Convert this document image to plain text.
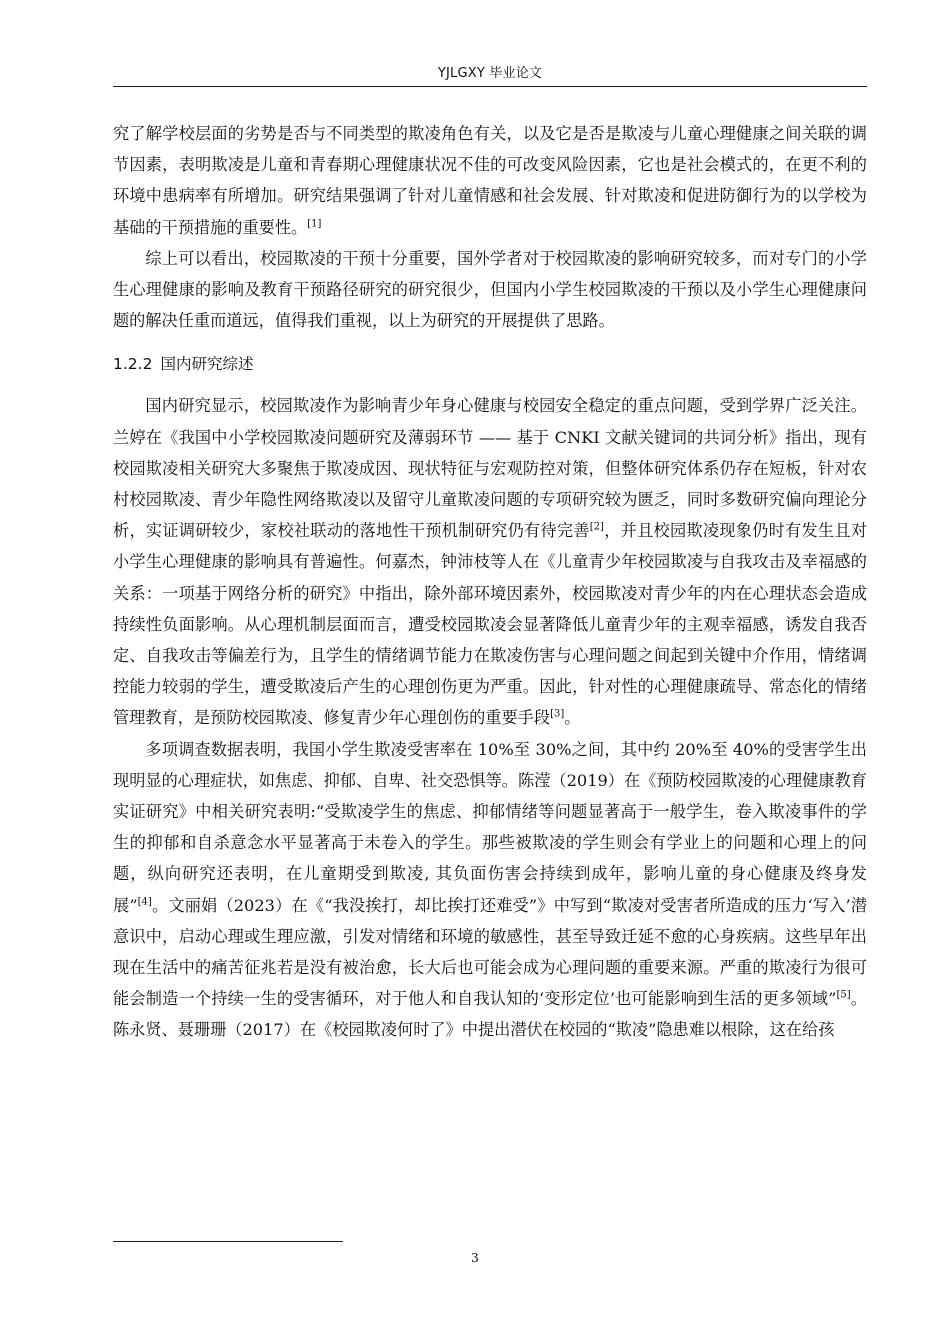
YJLGXY 毕业论文

究了解学校层面的劣势是否与不同类型的欺凌角色有关，以及它是否是欺凌与儿童心理健康之间关联的调节因素，表明欺凌是儿童和青春期心理健康状况不佳的可改变风险因素，它也是社会模式的，在更不利的环境中患病率有所增加。研究结果强调了针对儿童情感和社会发展、针对欺凌和促进防御行为的以学校为基础的干预措施的重要性。[1]

综上可以看出，校园欺凌的干预十分重要，国外学者对于校园欺凌的影响研究较多，而对专门的小学生心理健康的影响及教育干预路径研究的研究很少，但国内小学生校园欺凌的干预以及小学生心理健康问题的解决任重而道远，值得我们重视，以上为研究的开展提供了思路。

1.2.2 国内研究综述

国内研究显示，校园欺凌作为影响青少年身心健康与校园安全稳定的重点问题，受到学界广泛关注。兰婷在《我国中小学校园欺凌问题研究及薄弱环节 —— 基于 CNKI 文献关键词的共词分析》指出，现有校园欺凌相关研究大多聚焦于欺凌成因、现状特征与宏观防控对策，但整体研究体系仍存在短板，针对农村校园欺凌、青少年隐性网络欺凌以及留守儿童欺凌问题的专项研究较为匮乏，同时多数研究偏向理论分析，实证调研较少，家校社联动的落地性干预机制研究仍有待完善[2]，并且校园欺凌现象仍时有发生且对小学生心理健康的影响具有普遍性。何嘉杰，钟沛枝等人在《儿童青少年校园欺凌与自我攻击及幸福感的关系：一项基于网络分析的研究》中指出，除外部环境因素外，校园欺凌对青少年的内在心理状态会造成持续性负面影响。从心理机制层面而言，遭受校园欺凌会显著降低儿童青少年的主观幸福感，诱发自我否定、自我攻击等偏差行为，且学生的情绪调节能力在欺凌伤害与心理问题之间起到关键中介作用，情绪调控能力较弱的学生，遭受欺凌后产生的心理创伤更为严重。因此，针对性的心理健康疏导、常态化的情绪管理教育，是预防校园欺凌、修复青少年心理创伤的重要手段[3]。

多项调查数据表明，我国小学生欺凌受害率在 10%至 30%之间，其中约 20%至 40%的受害学生出现明显的心理症状，如焦虑、抑郁、自卑、社交恐惧等。陈滢（2019）在《预防校园欺凌的心理健康教育实证研究》中相关研究表明:“受欺凌学生的焦虑、抑郁情绪等问题显著高于一般学生，卷入欺凌事件的学生的抑郁和自杀意念水平显著高于未卷入的学生。那些被欺凌的学生则会有学业上的问题和心理上的问题，纵向研究还表明，在儿童期受到欺凌, 其负面伤害会持续到成年，影响儿童的身心健康及终身发展”[4]。文丽娟（2023）在《“我没挨打，却比挨打还难受”》中写到“欺凌对受害者所造成的压力‘写入’潜意识中，启动心理或生理应激，引发对情绪和环境的敏感性，甚至导致迁延不愈的心身疾病。这些早年出现在生活中的痛苦征兆若是没有被治愈，长大后也可能会成为心理问题的重要来源。严重的欺凌行为很可能会制造一个持续一生的受害循环，对于他人和自我认知的‘变形定位’也可能影响到生活的更多领域”[5]。陈永贤、聂珊珊（2017）在《校园欺凌何时了》中提出潜伏在校园的“欺凌”隐患难以根除，这在给孩

3
